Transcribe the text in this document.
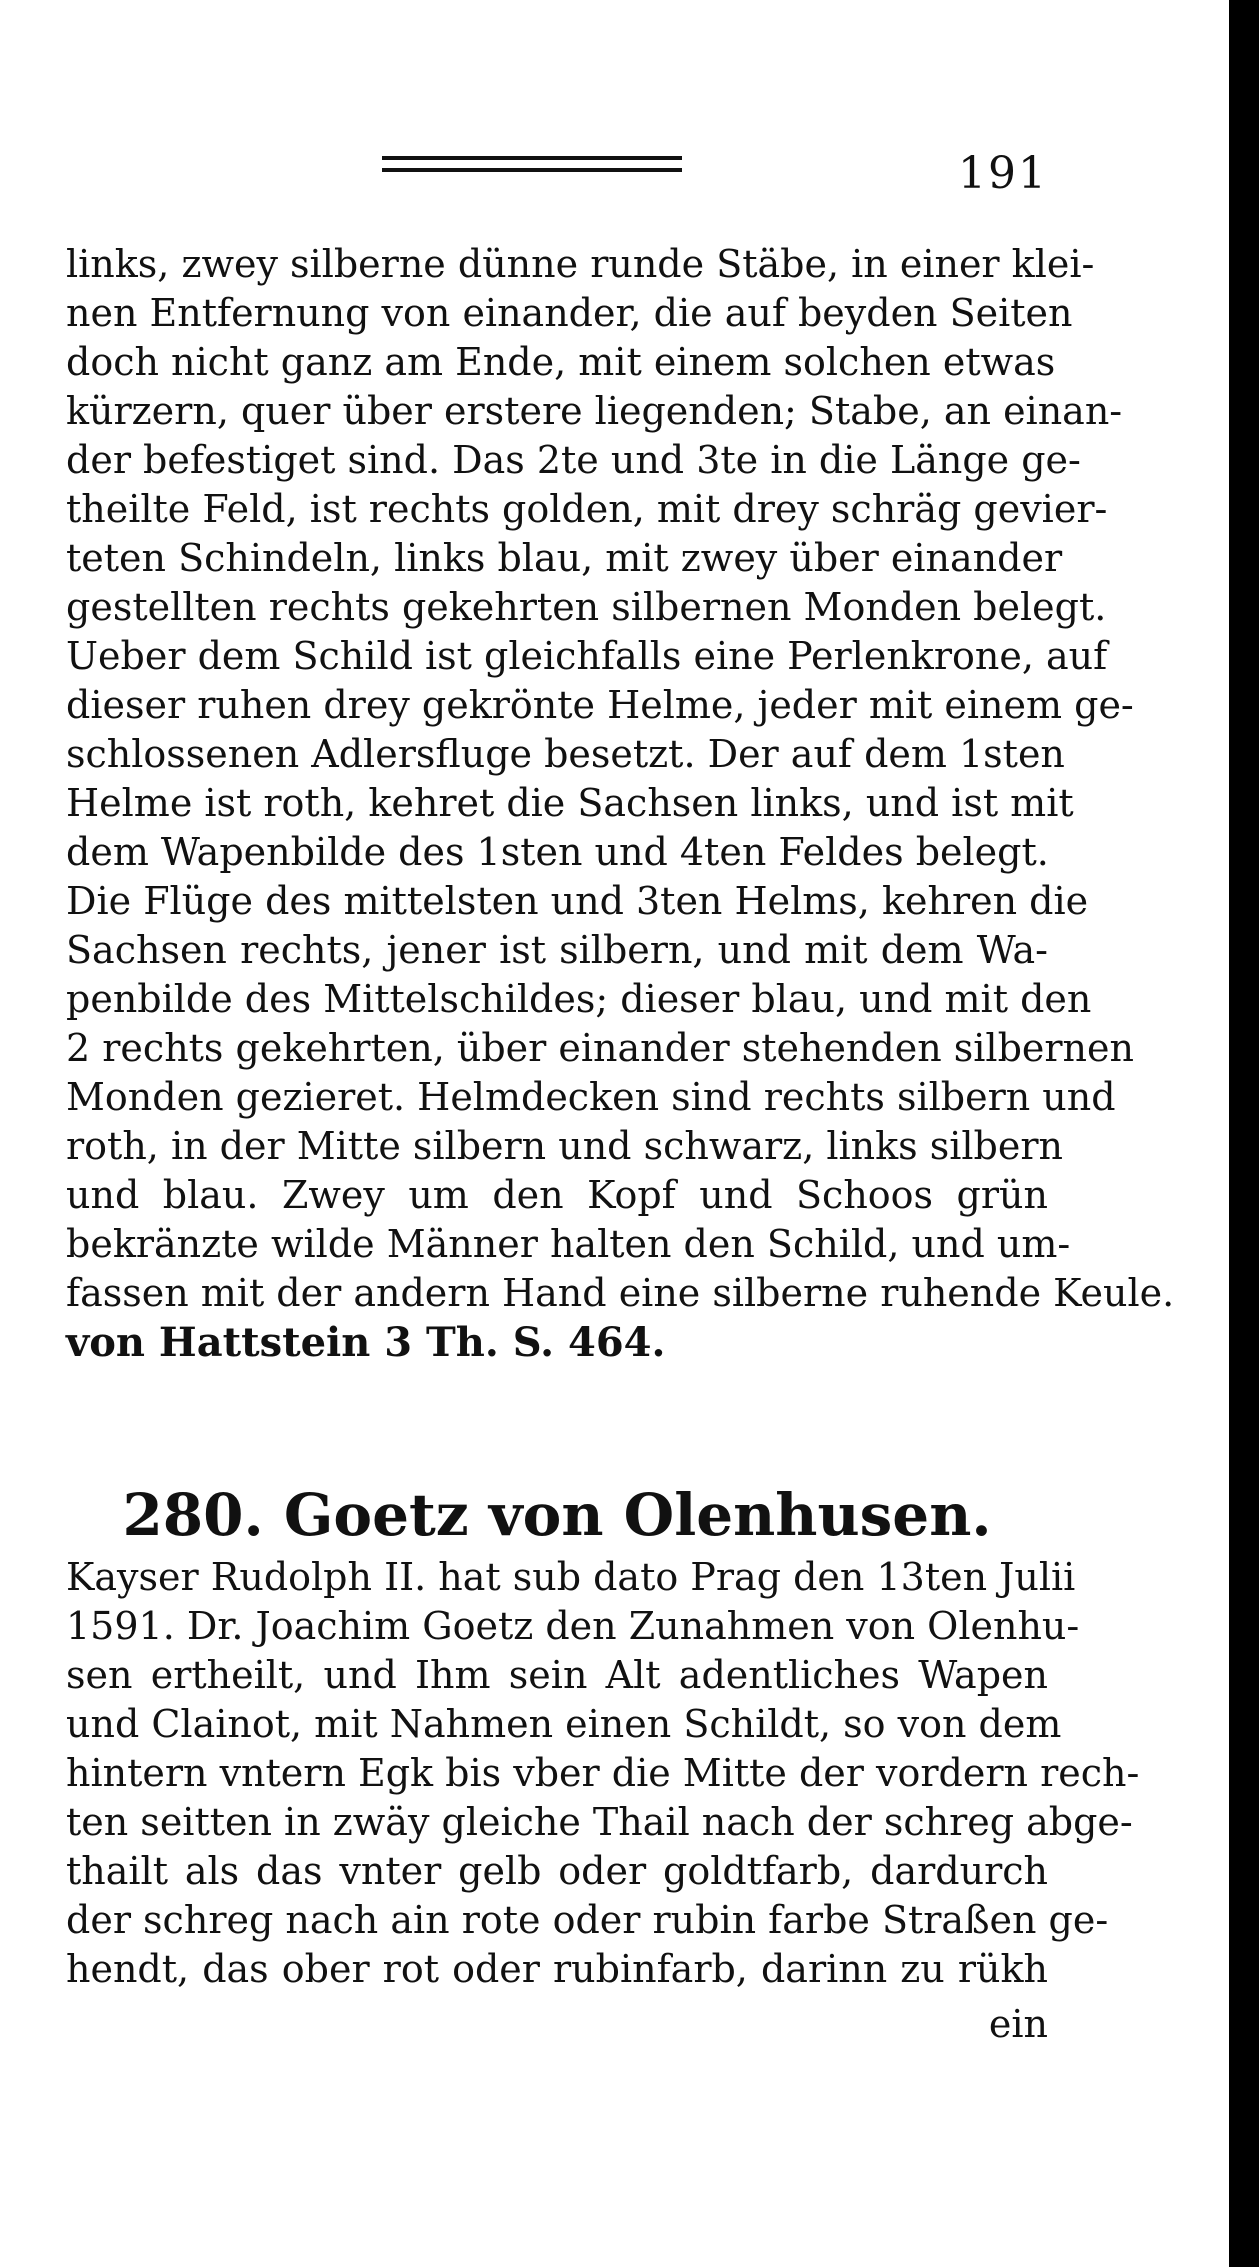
191
links, zwey silberne dünne runde Stäbe, in einer klei-
nen Entfernung von einander, die auf beyden Seiten
doch nicht ganz am Ende, mit einem solchen etwas
kürzern, quer über erstere liegenden; Stabe, an einan-
der befestiget sind. Das 2te und 3te in die Länge ge-
theilte Feld, ist rechts golden, mit drey schräg gevier-
teten Schindeln, links blau, mit zwey über einander
gestellten rechts gekehrten silbernen Monden belegt.
Ueber dem Schild ist gleichfalls eine Perlenkrone, auf
dieser ruhen drey gekrönte Helme, jeder mit einem ge-
schlossenen Adlersfluge besetzt. Der auf dem 1sten
Helme ist roth, kehret die Sachsen links, und ist mit
dem Wapenbilde des 1sten und 4ten Feldes belegt.
Die Flüge des mittelsten und 3ten Helms, kehren die
Sachsen rechts, jener ist silbern, und mit dem Wa-
penbilde des Mittelschildes; dieser blau, und mit den
2 rechts gekehrten, über einander stehenden silbernen
Monden gezieret. Helmdecken sind rechts silbern und
roth, in der Mitte silbern und schwarz, links silbern
und blau. Zwey um den Kopf und Schoos grün
bekränzte wilde Männer halten den Schild, und um-
fassen mit der andern Hand eine silberne ruhende Keule.
von Hattstein 3 Th. S. 464.
280. Goetz von Olenhusen.
Kayser Rudolph II. hat sub dato Prag den 13ten Julii
1591. Dr. Joachim Goetz den Zunahmen von Olenhu-
sen ertheilt, und Ihm sein Alt adentliches Wapen
und Clainot, mit Nahmen einen Schildt, so von dem
hintern vntern Egk bis vber die Mitte der vordern rech-
ten seitten in zwäy gleiche Thail nach der schreg abge-
thailt als das vnter gelb oder goldtfarb, dardurch
der schreg nach ain rote oder rubin farbe Straßen ge-
hendt, das ober rot oder rubinfarb, darinn zu rükh
ein
